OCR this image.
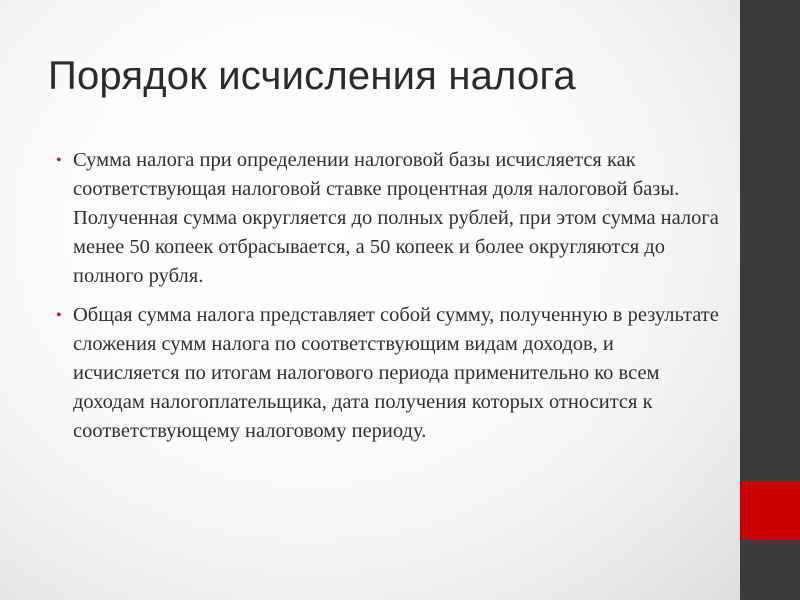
Порядок исчисления налога
• Сумма налога при определении налоговой базы исчисляется как соответствующая налоговой ставке процентная доля налоговой базы. Полученная сумма округляется до полных рублей, при этом сумма налога менее 50 копеек отбрасывается, а 50 копеек и более округляются до полного рубля.
• Общая сумма налога представляет собой сумму, полученную в результате сложения сумм налога по соответствующим видам доходов, и исчисляется по итогам налогового периода применительно ко всем доходам налогоплательщика, дата получения которых относится к соответствующему налоговому периоду.
